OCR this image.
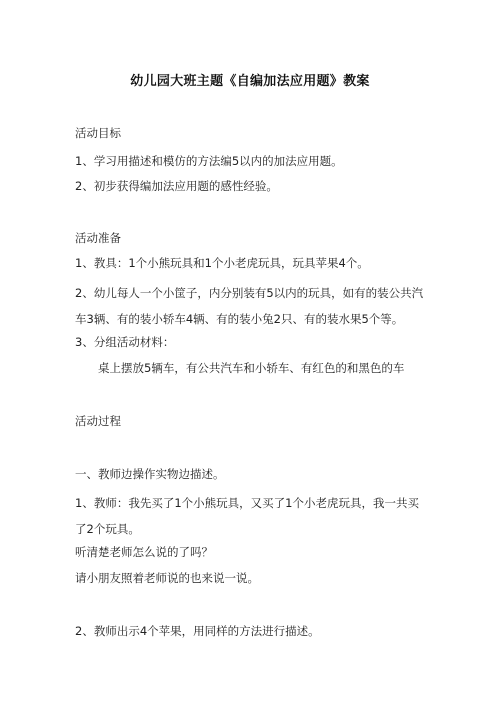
幼儿园大班主题《自编加法应用题》教案
活动目标
1、学习用描述和模仿的方法编5以内的加法应用题。
2、初步获得编加法应用题的感性经验。
活动准备
1、教具：1个小熊玩具和1个小老虎玩具，玩具苹果4个。
2、幼儿每人一个小筐子，内分别装有5以内的玩具，如有的装公共汽车3辆、有的装小轿车4辆、有的装小兔2只、有的装水果5个等。
3、分组活动材料：
桌上摆放5辆车，有公共汽车和小轿车、有红色的和黑色的车
活动过程
一、教师边操作实物边描述。
1、教师：我先买了1个小熊玩具，又买了1个小老虎玩具，我一共买了2个玩具。
听清楚老师怎么说的了吗？
请小朋友照着老师说的也来说一说。
2、教师出示4个苹果，用同样的方法进行描述。
